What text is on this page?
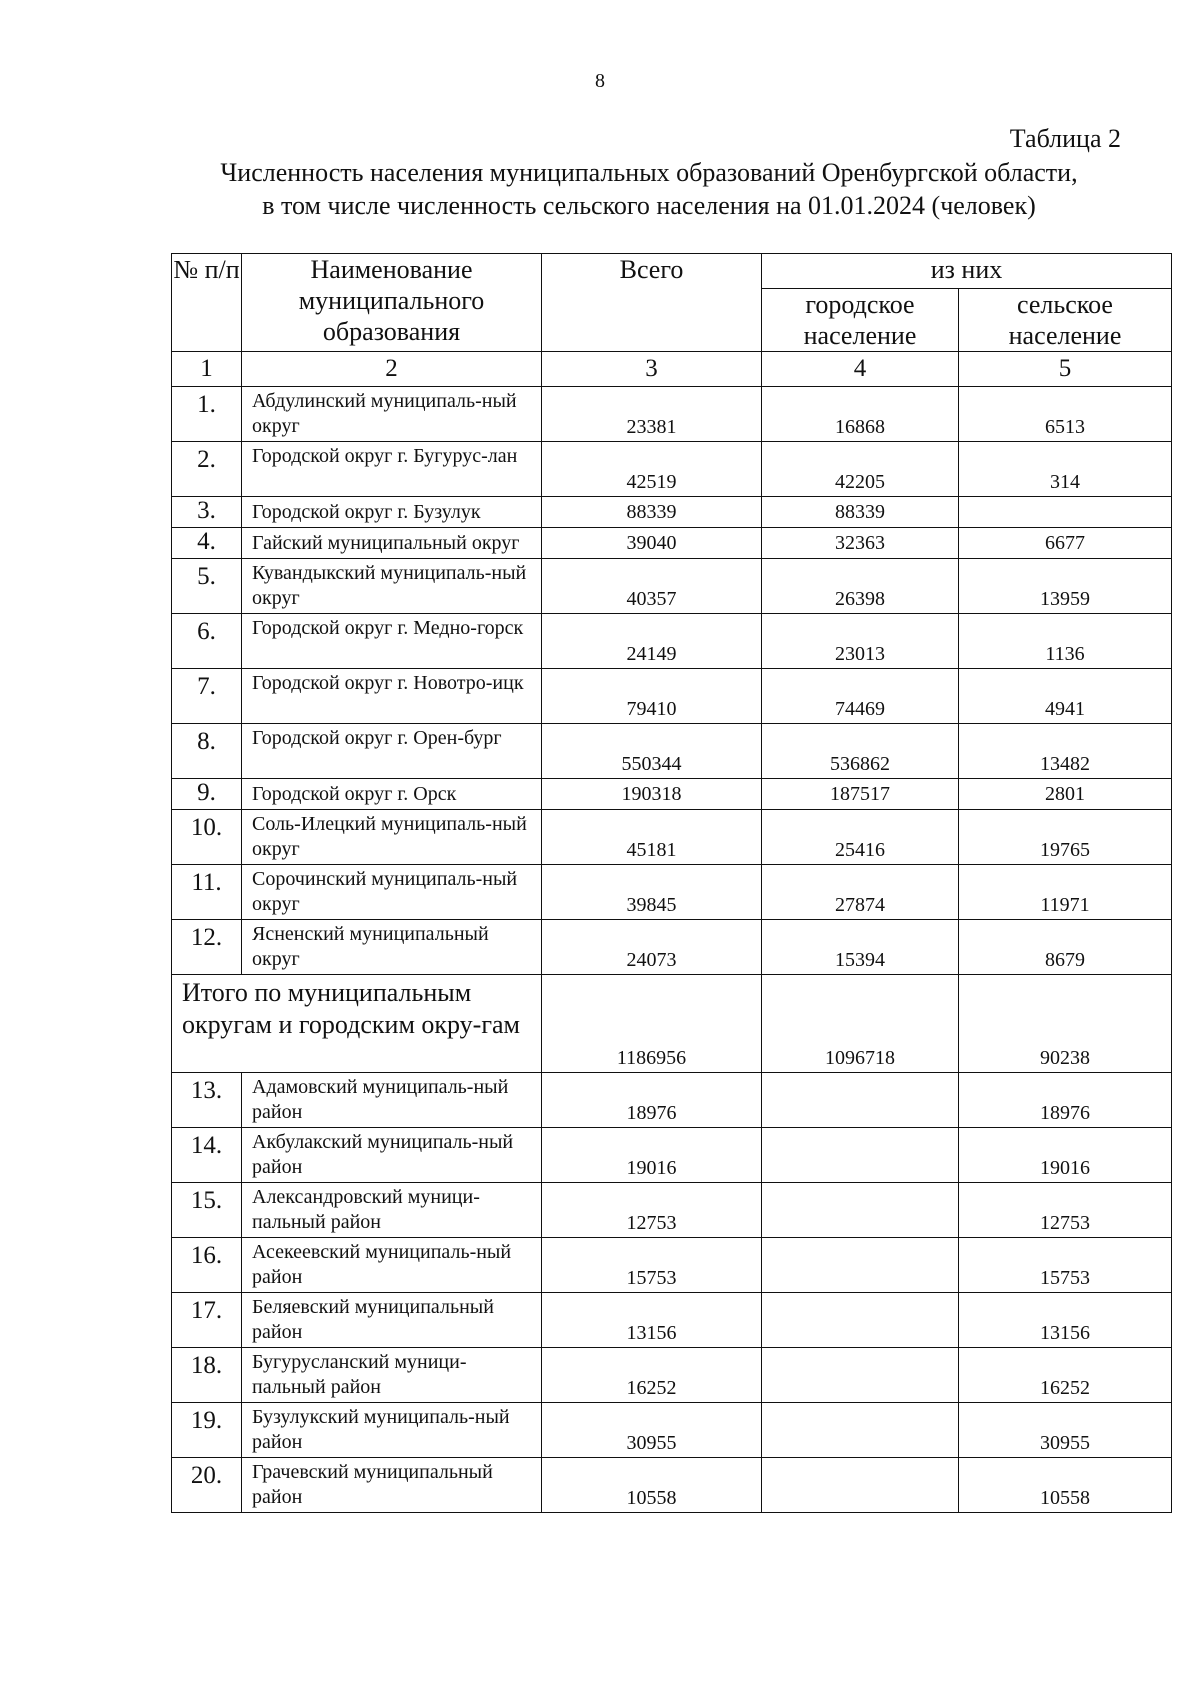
8
Таблица 2
Численность населения муниципальных образований Оренбургской области,
в том числе численность сельского населения на 01.01.2024 (человек)
№ п/п	Наименование муниципального образования	Всего	из них	
			городское население	сельское население
1	2	3	4	5
1.	Абдулинский муниципаль-ный округ	23381	16868	6513
2.	Городской округ г. Бугурус-лан	42519	42205	314
3.	Городской округ г. Бузулук	88339	88339	
4.	Гайский муниципальный округ	39040	32363	6677
5.	Кувандыкский муниципаль-ный округ	40357	26398	13959
6.	Городской округ г. Медно-горск	24149	23013	1136
7.	Городской округ г. Новотро-ицк	79410	74469	4941
8.	Городской округ г. Орен-бург	550344	536862	13482
9.	Городской округ г. Орск	190318	187517	2801
10.	Соль-Илецкий муниципаль-ный округ	45181	25416	19765
11.	Сорочинский муниципаль-ный округ	39845	27874	11971
12.	Ясненский муниципальный округ	24073	15394	8679
Итого по муниципальным округам и городским окру-гам		1186956	1096718	90238
13.	Адамовский муниципаль-ный район	18976		18976
14.	Акбулакский муниципаль-ный район	19016		19016
15.	Александровский муници-пальный район	12753		12753
16.	Асекеевский муниципаль-ный район	15753		15753
17.	Беляевский муниципальный район	13156		13156
18.	Бугурусланский муници-пальный район	16252		16252
19.	Бузулукский муниципаль-ный район	30955		30955
20.	Грачевский муниципальный район	10558		10558
